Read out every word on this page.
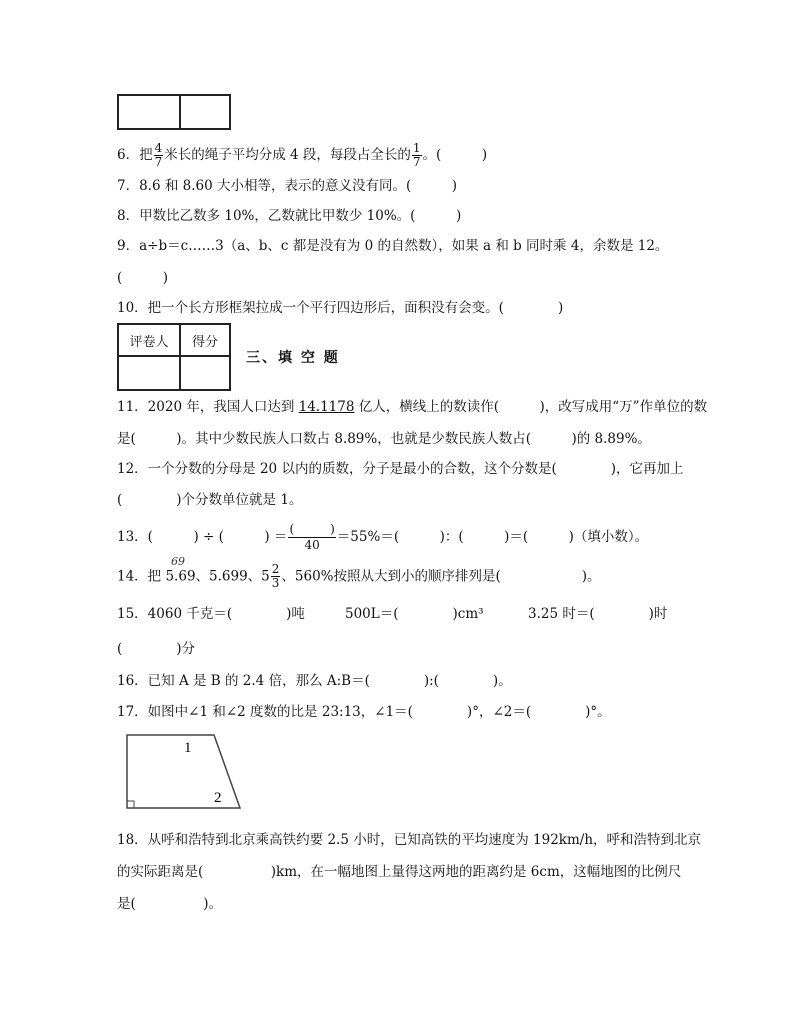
6．把 $\frac{4}{7}$ 米长的绳子平均分成 4 段，每段占全长的 $\frac{1}{7}$ 。(　　　)
7．8.6 和 8.60 大小相等，表示的意义没有同。(　　　)
8．甲数比乙数多 10%，乙数就比甲数少 10%。(　　　)
9．a÷b＝c……3（a、b、c 都是没有为 0 的自然数），如果 a 和 b 同时乘 4，余数是 12。
(　　　)
10．把一个长方形框架拉成一个平行四边形后，面积没有会变。(　　　　)
评卷人	得分

三、填 空 题
11．2020 年，我国人口达到 14.1178 亿人，横线上的数读作(　　　)，改写成用“万”作单位的数
是(　　　)。其中少数民族人口数占 8.89%，也就是少数民族人数占(　　　)的 8.89%。
12．一个分数的分母是 20 以内的质数，分子是最小的合数，这个分数是(　　　　)，它再加上
(　　　　)个分数单位就是 1。
13．(　　　) ÷ (　　　) ＝ $\frac{( )}{40} =55\%=$(　　　)：(　　　)＝(　　　)（填小数）。
69
14．把 5.69、5.699、$5 \frac{2}{3}$ 、560%按照从大到小的顺序排列是(　　　　　　)。
15．4060 千克＝(　　　　)吨	500L＝(　　　　)cm³	3.25 时＝(　　　　)时
(　　　　)分
16．已知 A 是 B 的 2.4 倍，那么 A:B＝(　　　　):(　　　　)。
17．如图中∠1 和∠2 度数的比是 23:13，∠1＝(　　　　)°，∠2＝(　　　　)°。
1
2
18．从呼和浩特到北京乘高铁约要 2.5 小时，已知高铁的平均速度为 192km/h，呼和浩特到北京
的实际距离是(　　　　　)km，在一幅地图上量得这两地的距离约是 6cm，这幅地图的比例尺
是(　　　　　)。
